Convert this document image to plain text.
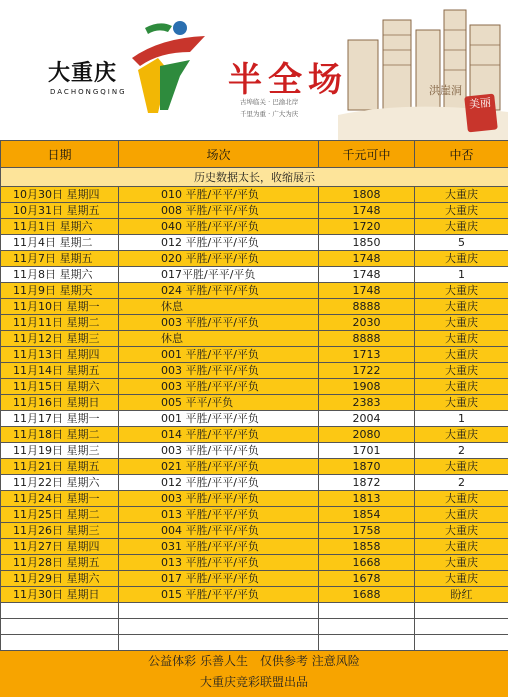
大重庆
DACHONGQING	半全场
古埠临关 · 巴渝北岸
千里为重 · 广大为庆
洪崖洞
美丽
日期	场次	千元可中	中否
历史数据太长，收缩展示			
10月30日 星期四	010 平胜/平平/平负	1808	大重庆
10月31日 星期五	008 平胜/平平/平负	1748	大重庆
11月1日 星期六	040 平胜/平平/平负	1720	大重庆
11月4日 星期二	012 平胜/平平/平负	1850	5
11月7日 星期五	020 平胜/平平/平负	1748	大重庆
11月8日 星期六	017平胜/平平/平负	1748	1
11月9日 星期天	024 平胜/平平/平负	1748	大重庆
11月10日 星期一	休息	8888	大重庆
11月11日 星期二	003 平胜/平平/平负	2030	大重庆
11月12日 星期三	休息	8888	大重庆
11月13日 星期四	001 平胜/平平/平负	1713	大重庆
11月14日 星期五	003 平胜/平平/平负	1722	大重庆
11月15日 星期六	003 平胜/平平/平负	1908	大重庆
11月16日 星期日	005 平平/平负	2383	大重庆
11月17日 星期一	001 平胜/平平/平负	2004	1
11月18日 星期二	014 平胜/平平/平负	2080	大重庆
11月19日 星期三	003 平胜/平平/平负	1701	2
11月21日 星期五	021 平胜/平平/平负	1870	大重庆
11月22日 星期六	012 平胜/平平/平负	1872	2
11月24日 星期一	003 平胜/平平/平负	1813	大重庆
11月25日 星期二	013 平胜/平平/平负	1854	大重庆
11月26日 星期三	004 平胜/平平/平负	1758	大重庆
11月27日 星期四	031 平胜/平平/平负	1858	大重庆
11月28日 星期五	013 平胜/平平/平负	1668	大重庆
11月29日 星期六	017 平胜/平平/平负	1678	大重庆
11月30日 星期日	015 平胜/平平/平负	1688	盼红

公益体彩 乐善人生　仅供参考 注意风险
大重庆竞彩联盟出品
